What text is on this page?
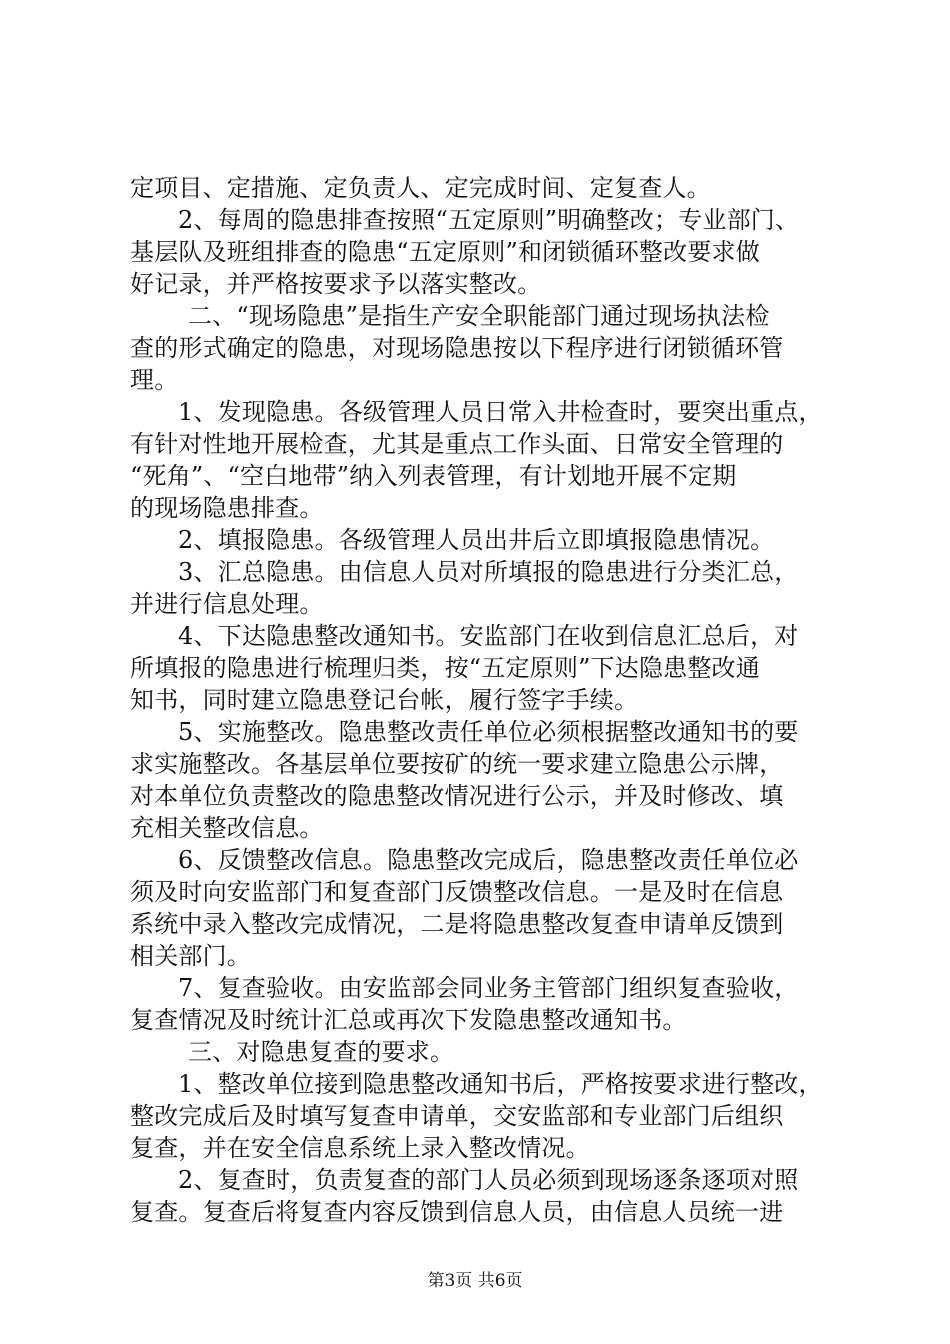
定项目、定措施、定负责人、定完成时间、定复查人。
2、每周的隐患排查按照“五定原则”明确整改；专业部门、
基层队及班组排查的隐患“五定原则”和闭锁循环整改要求做
好记录，并严格按要求予以落实整改。
二、“现场隐患”是指生产安全职能部门通过现场执法检
查的形式确定的隐患，对现场隐患按以下程序进行闭锁循环管
理。
1、发现隐患。各级管理人员日常入井检查时，要突出重点，
有针对性地开展检查，尤其是重点工作头面、日常安全管理的
“死角”、“空白地带”纳入列表管理，有计划地开展不定期
的现场隐患排查。
2、填报隐患。各级管理人员出井后立即填报隐患情况。
3、汇总隐患。由信息人员对所填报的隐患进行分类汇总，
并进行信息处理。
4、下达隐患整改通知书。安监部门在收到信息汇总后，对
所填报的隐患进行梳理归类，按“五定原则”下达隐患整改通
知书，同时建立隐患登记台帐，履行签字手续。
5、实施整改。隐患整改责任单位必须根据整改通知书的要
求实施整改。各基层单位要按矿的统一要求建立隐患公示牌，
对本单位负责整改的隐患整改情况进行公示，并及时修改、填
充相关整改信息。
6、反馈整改信息。隐患整改完成后，隐患整改责任单位必
须及时向安监部门和复查部门反馈整改信息。一是及时在信息
系统中录入整改完成情况，二是将隐患整改复查申请单反馈到
相关部门。
7、复查验收。由安监部会同业务主管部门组织复查验收，
复查情况及时统计汇总或再次下发隐患整改通知书。
三、对隐患复查的要求。
1、整改单位接到隐患整改通知书后，严格按要求进行整改，
整改完成后及时填写复查申请单，交安监部和专业部门后组织
复查，并在安全信息系统上录入整改情况。
2、复查时，负责复查的部门人员必须到现场逐条逐项对照
复查。复查后将复查内容反馈到信息人员，由信息人员统一进
第3页 共6页
